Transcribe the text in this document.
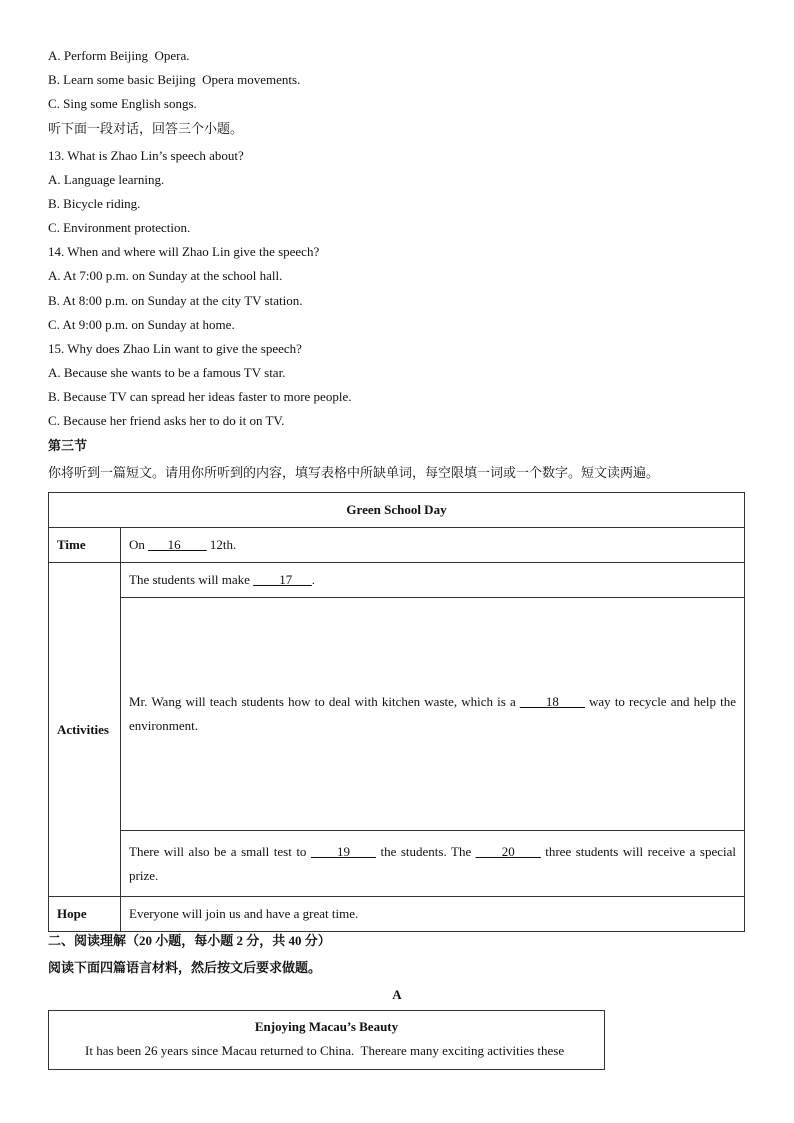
A. Perform Beijing  Opera.
B. Learn some basic Beijing  Opera movements.
C. Sing some English songs.
听下面一段对话，回答三个小题。
13. What is Zhao Lin’s speech about?
A. Language learning.
B. Bicycle riding.
C. Environment protection.
14. When and where will Zhao Lin give the speech?
A. At 7:00 p.m. on Sunday at the school hall.
B. At 8:00 p.m. on Sunday at the city TV station.
C. At 9:00 p.m. on Sunday at home.
15. Why does Zhao Lin want to give the speech?
A. Because she wants to be a famous TV star.
B. Because TV can spread her ideas faster to more people.
C. Because her friend asks her to do it on TV.
第三节
你将听到一篇短文。请用你所听到的内容，填写表格中所缺单词，每空限填一词或一个数字。短文读两遍。
Green School Day	
Time	On ___16____ 12th.
Activities	The students will make ____17___.
	Mr. Wang will teach students how to deal with kitchen waste, which is a ____18____ way to recycle and help the environment.
	There will also be a small test to ____19____ the students. The ____20____ three students will receive a special prize.
Hope	Everyone will join us and have a great time.
二、阅读理解（20 小题，每小题 2 分，共 40 分）
阅读下面四篇语言材料，然后按文后要求做题。
A
Enjoying Macau’s Beauty
It has been 26 years since Macau returned to China.  Thereare many exciting activities these
